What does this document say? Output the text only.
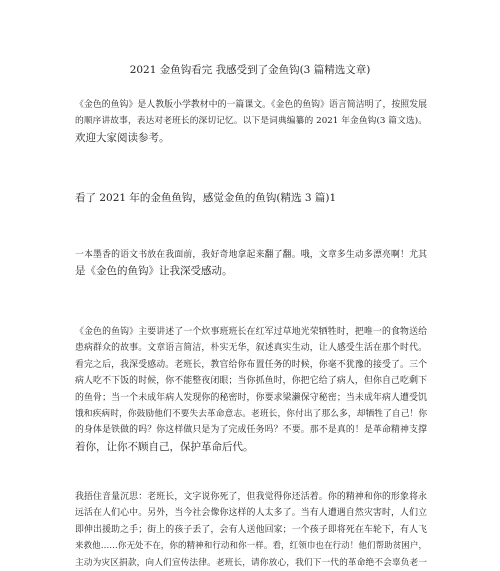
2021 金鱼钩看完 我感受到了金鱼钩(3 篇精选文章)
《金色的鱼钩》是人教版小学教材中的一篇课文。《金色的鱼钩》语言简洁明了，按照发展
的顺序讲故事，表达对老班长的深切记忆。以下是词典编纂的 2021 年金鱼钩(3 篇文选)。
欢迎大家阅读参考。
看了 2021 年的金鱼鱼钩，感觉金鱼的鱼钩(精选 3 篇)1
一本墨香的语文书放在我面前，我好奇地拿起来翻了翻。哦，文章多生动多漂亮啊！尤其
是《金色的鱼钩》让我深受感动。
《金色的鱼钩》主要讲述了一个炊事班班长在红军过草地光荣牺牲时，把唯一的食物送给
患病群众的故事。文章语言简洁，朴实无华，叙述真实生动，让人感受生活在那个时代。
看完之后，我深受感动。老班长，教官给你布置任务的时候，你毫不犹豫的接受了。三个
病人吃不下饭的时候，你不能整夜闭眼；当你抓鱼时，你把它给了病人，但你自己吃剩下
的鱼骨；当一个未成年病人发现你的秘密时，你要求梁濑保守秘密；当未成年病人遭受饥
饿和疾病时，你鼓励他们不要失去革命意志。老班长，你付出了那么多，却牺牲了自己！你
的身体是铁做的吗？你这样做只是为了完成任务吗？不要。那不是真的！是革命精神支撑
着你，让你不顾自己，保护革命后代。
我捂住音量沉思：老班长，文字说你死了，但我觉得你还活着。你的精神和你的形象将永
远活在人们心中。另外，当今社会像你这样的人太多了。当有人遭遇自然灾害时，人们立
即伸出援助之手；街上的孩子丢了，会有人送他回家；一个孩子即将死在车轮下，有人飞
来救他……你无处不在，你的精神和行动和你一样。看，红领巾也在行动！他们帮助贫困户，
主动为灾区捐款，向人们宣传法律。老班长，请你放心，我们下一代的革命绝不会辜负老一
